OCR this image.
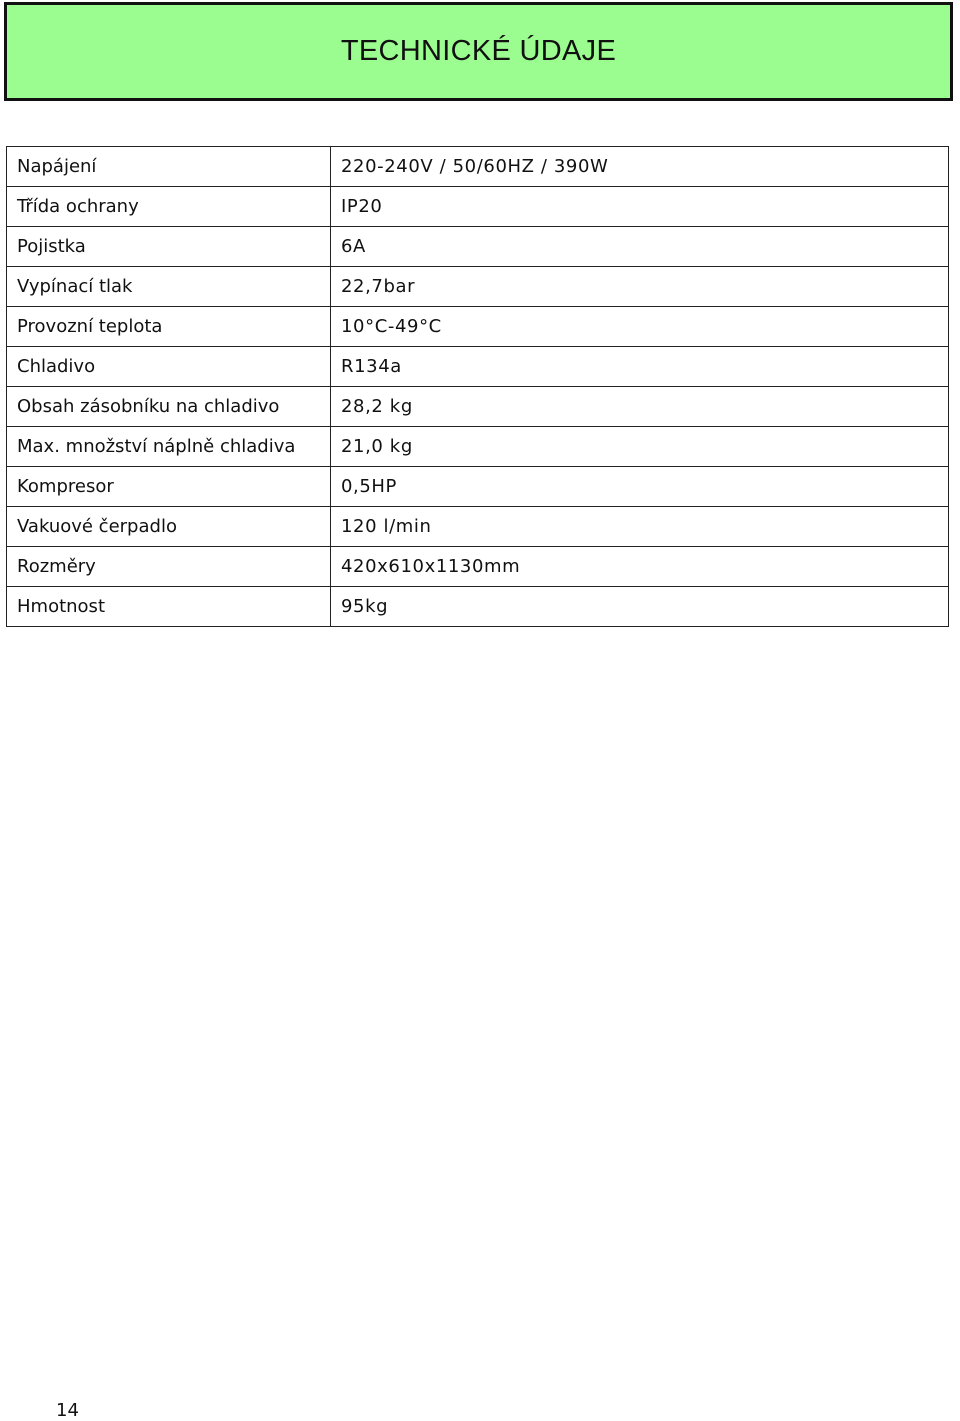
TECHNICKÉ ÚDAJE
Napájení	220-240V / 50/60HZ / 390W
Třída ochrany	IP20
Pojistka	6A
Vypínací tlak	22,7bar
Provozní teplota	10°C-49°C
Chladivo	R134a
Obsah zásobníku na chladivo	28,2 kg
Max. množství náplně chladiva	21,0 kg
Kompresor	0,5HP
Vakuové čerpadlo	120 l/min
Rozměry	420x610x1130mm
Hmotnost	95kg
14
